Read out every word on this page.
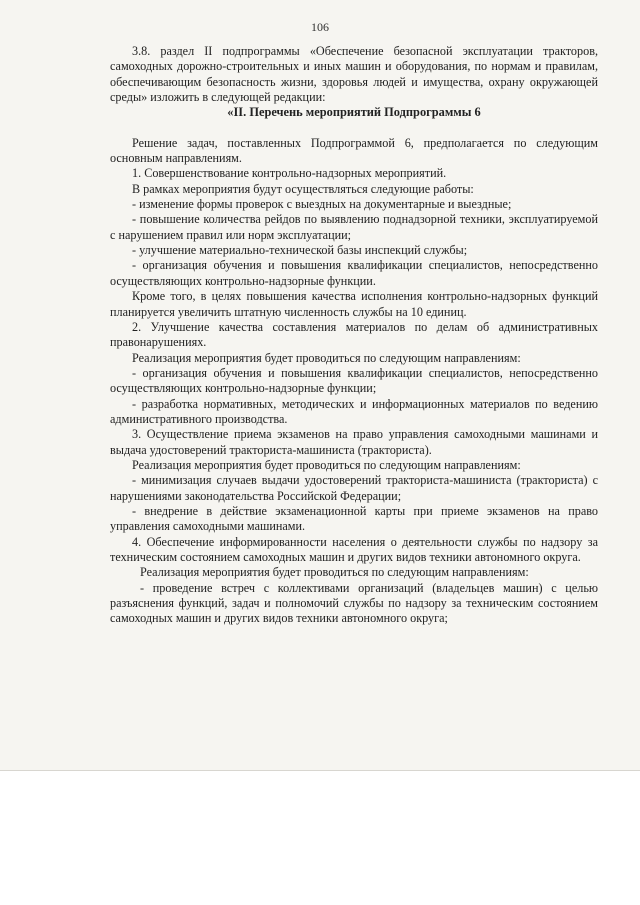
106

3.8. раздел II подпрограммы «Обеспечение безопасной эксплуатации тракторов, самоходных дорожно-строительных и иных машин и оборудования, по нормам и правилам, обеспечивающим безопасность жизни, здоровья людей и имущества, охрану окружающей среды» изложить в следующей редакции:

«II. Перечень мероприятий Подпрограммы 6

Решение задач, поставленных Подпрограммой 6, предполагается по следующим основным направлениям.

1. Совершенствование контрольно-надзорных мероприятий.

В рамках мероприятия будут осуществляться следующие работы:

- изменение формы проверок с выездных на документарные и выездные;

- повышение количества рейдов по выявлению поднадзорной техники, эксплуатируемой с нарушением правил или норм эксплуатации;

- улучшение материально-технической базы инспекций службы;

- организация обучения и повышения квалификации специалистов, непосредственно осуществляющих контрольно-надзорные функции.

Кроме того, в целях повышения качества исполнения контрольно-надзорных функций планируется увеличить штатную численность службы на 10 единиц.

2. Улучшение качества составления материалов по делам об административных правонарушениях.

Реализация мероприятия будет проводиться по следующим направлениям:

- организация обучения и повышения квалификации специалистов, непосредственно осуществляющих контрольно-надзорные функции;

- разработка нормативных, методических и информационных материалов по ведению административного производства.

3. Осуществление приема экзаменов на право управления самоходными машинами и выдача удостоверений тракториста-машиниста (тракториста).

Реализация мероприятия будет проводиться по следующим направлениям:

- минимизация случаев выдачи удостоверений тракториста-машиниста (тракториста) с нарушениями законодательства Российской Федерации;

- внедрение в действие экзаменационной карты при приеме экзаменов на право управления самоходными машинами.

4. Обеспечение информированности населения о деятельности службы по надзору за техническим состоянием самоходных машин и других видов техники автономного округа.

Реализация мероприятия будет проводиться по следующим направлениям:

- проведение встреч с коллективами организаций (владельцев машин) с целью разъяснения функций, задач и полномочий службы по надзору за техническим состоянием самоходных машин и других видов техники автономного округа;
